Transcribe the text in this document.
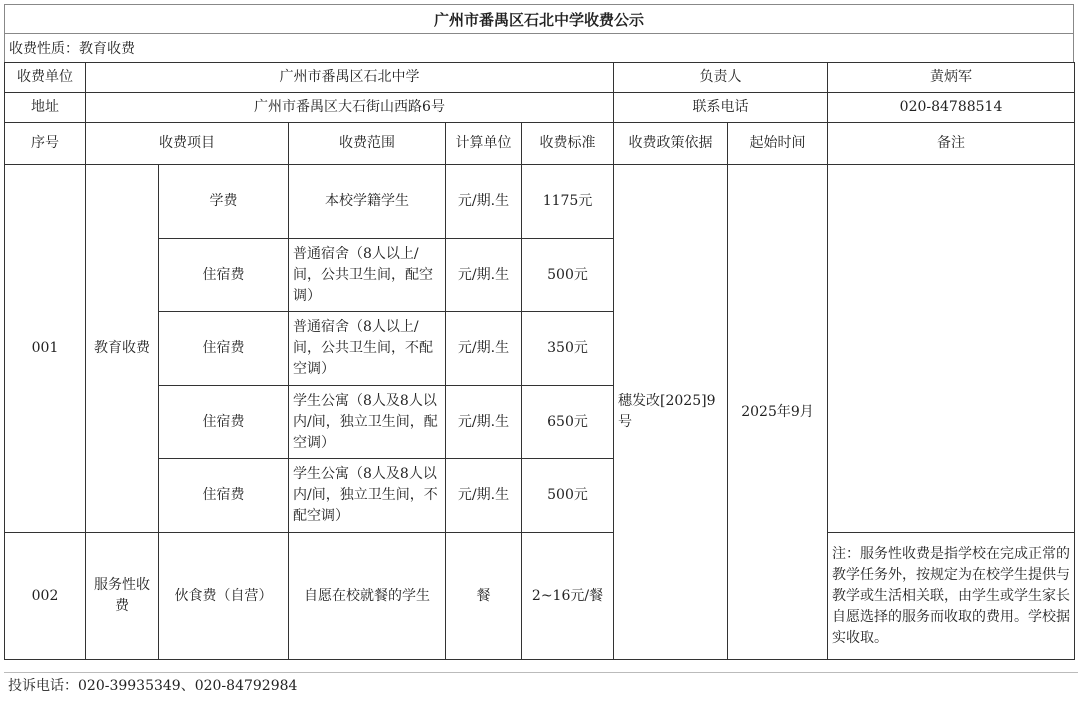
广州市番禺区石北中学收费公示
收费性质：教育收费
收费单位	广州市番禺区石北中学					负责人		黄炳军
地址	广州市番禺区大石街山西路6号					联系电话		020-84788514
序号	收费项目		收费范围	计算单位	收费标准	收费政策依据	起始时间	备注
001	教育收费	学费	本校学籍学生	元/期.生	1175元	穗发改[2025]9号	2025年9月	
		住宿费	普通宿舍（8人以上/间，公共卫生间，配空调）	元/期.生	500元			
		住宿费	普通宿舍（8人以上/间，公共卫生间，不配空调）	元/期.生	350元			
		住宿费	学生公寓（8人及8人以内/间，独立卫生间，配空调）	元/期.生	650元			
		住宿费	学生公寓（8人及8人以内/间，独立卫生间，不配空调）	元/期.生	500元			
002	服务性收费	伙食费（自营）	自愿在校就餐的学生	餐	2~16元/餐			注：服务性收费是指学校在完成正常的教学任务外，按规定为在校学生提供与教学或生活相关联，由学生或学生家长自愿选择的服务而收取的费用。学校据实收取。
投诉电话：020-39935349、020-84792984
